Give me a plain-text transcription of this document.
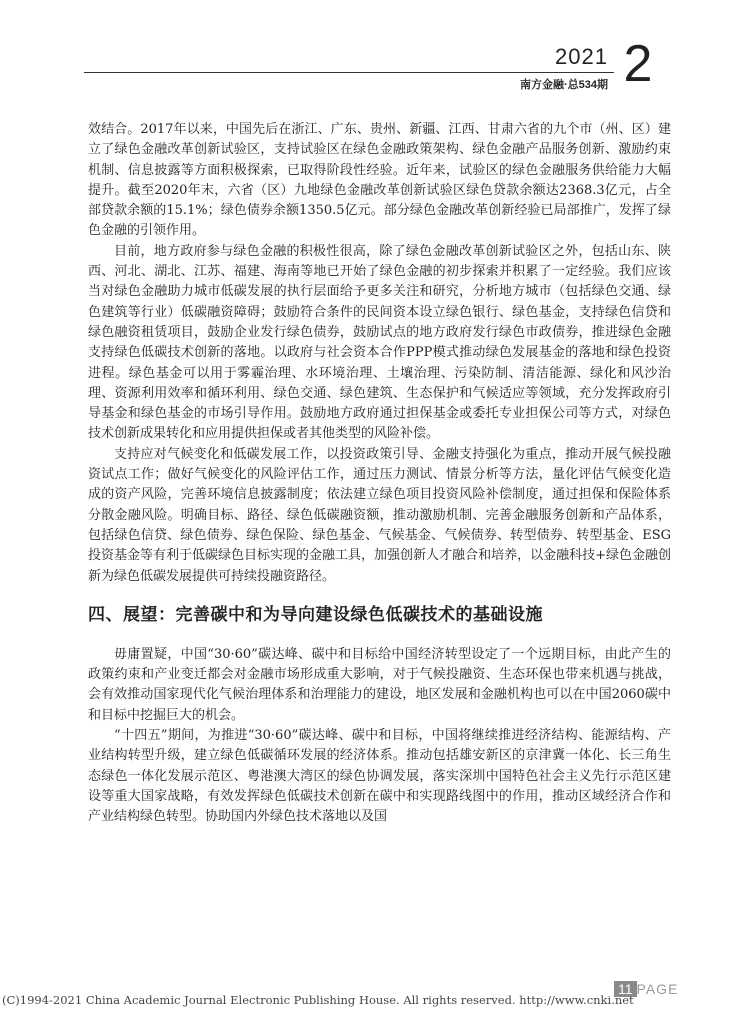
2021
南方金融·总534期 2

效结合。2017年以来，中国先后在浙江、广东、贵州、新疆、江西、甘肃六省的九个市（州、区）建立了绿色金融改革创新试验区，支持试验区在绿色金融政策架构、绿色金融产品服务创新、激励约束机制、信息披露等方面积极探索，已取得阶段性经验。近年来，试验区的绿色金融服务供给能力大幅提升。截至2020年末，六省（区）九地绿色金融改革创新试验区绿色贷款余额达2368.3亿元，占全部贷款余额的15.1%；绿色债券余额1350.5亿元。部分绿色金融改革创新经验已局部推广，发挥了绿色金融的引领作用。

目前，地方政府参与绿色金融的积极性很高，除了绿色金融改革创新试验区之外，包括山东、陕西、河北、湖北、江苏、福建、海南等地已开始了绿色金融的初步探索并积累了一定经验。我们应该当对绿色金融助力城市低碳发展的执行层面给予更多关注和研究，分析地方城市（包括绿色交通、绿色建筑等行业）低碳融资障碍；鼓励符合条件的民间资本设立绿色银行、绿色基金，支持绿色信贷和绿色融资租赁项目，鼓励企业发行绿色债券，鼓励试点的地方政府发行绿色市政债券，推进绿色金融支持绿色低碳技术创新的落地。以政府与社会资本合作PPP模式推动绿色发展基金的落地和绿色投资进程。绿色基金可以用于雾霾治理、水环境治理、土壤治理、污染防制、清洁能源、绿化和风沙治理、资源利用效率和循环利用、绿色交通、绿色建筑、生态保护和气候适应等领域，充分发挥政府引导基金和绿色基金的市场引导作用。鼓励地方政府通过担保基金或委托专业担保公司等方式，对绿色技术创新成果转化和应用提供担保或者其他类型的风险补偿。

支持应对气候变化和低碳发展工作，以投资政策引导、金融支持强化为重点，推动开展气候投融资试点工作；做好气候变化的风险评估工作，通过压力测试、情景分析等方法，量化评估气候变化造成的资产风险，完善环境信息披露制度；依法建立绿色项目投资风险补偿制度，通过担保和保险体系分散金融风险。明确目标、路径、绿色低碳融资额，推动激励机制、完善金融服务创新和产品体系，包括绿色信贷、绿色债券、绿色保险、绿色基金、气候基金、气候债券、转型债券、转型基金、ESG投资基金等有利于低碳绿色目标实现的金融工具，加强创新人才融合和培养，以金融科技+绿色金融创新为绿色低碳发展提供可持续投融资路径。

四、展望：完善碳中和为导向建设绿色低碳技术的基础设施

毋庸置疑，中国“30·60”碳达峰、碳中和目标给中国经济转型设定了一个远期目标，由此产生的政策约束和产业变迁都会对金融市场形成重大影响，对于气候投融资、生态环保也带来机遇与挑战，会有效推动国家现代化气候治理体系和治理能力的建设，地区发展和金融机构也可以在中国2060碳中和目标中挖掘巨大的机会。

“十四五”期间，为推进“30·60”碳达峰、碳中和目标，中国将继续推进经济结构、能源结构、产业结构转型升级，建立绿色低碳循环发展的经济体系。推动包括雄安新区的京津冀一体化、长三角生态绿色一体化发展示范区、粤港澳大湾区的绿色协调发展，落实深圳中国特色社会主义先行示范区建设等重大国家战略，有效发挥绿色低碳技术创新在碳中和实现路线图中的作用，推动区域经济合作和产业结构绿色转型。协助国内外绿色技术落地以及国

11 PAGE
(C)1994-2021 China Academic Journal Electronic Publishing House. All rights reserved. http://www.cnki.net
